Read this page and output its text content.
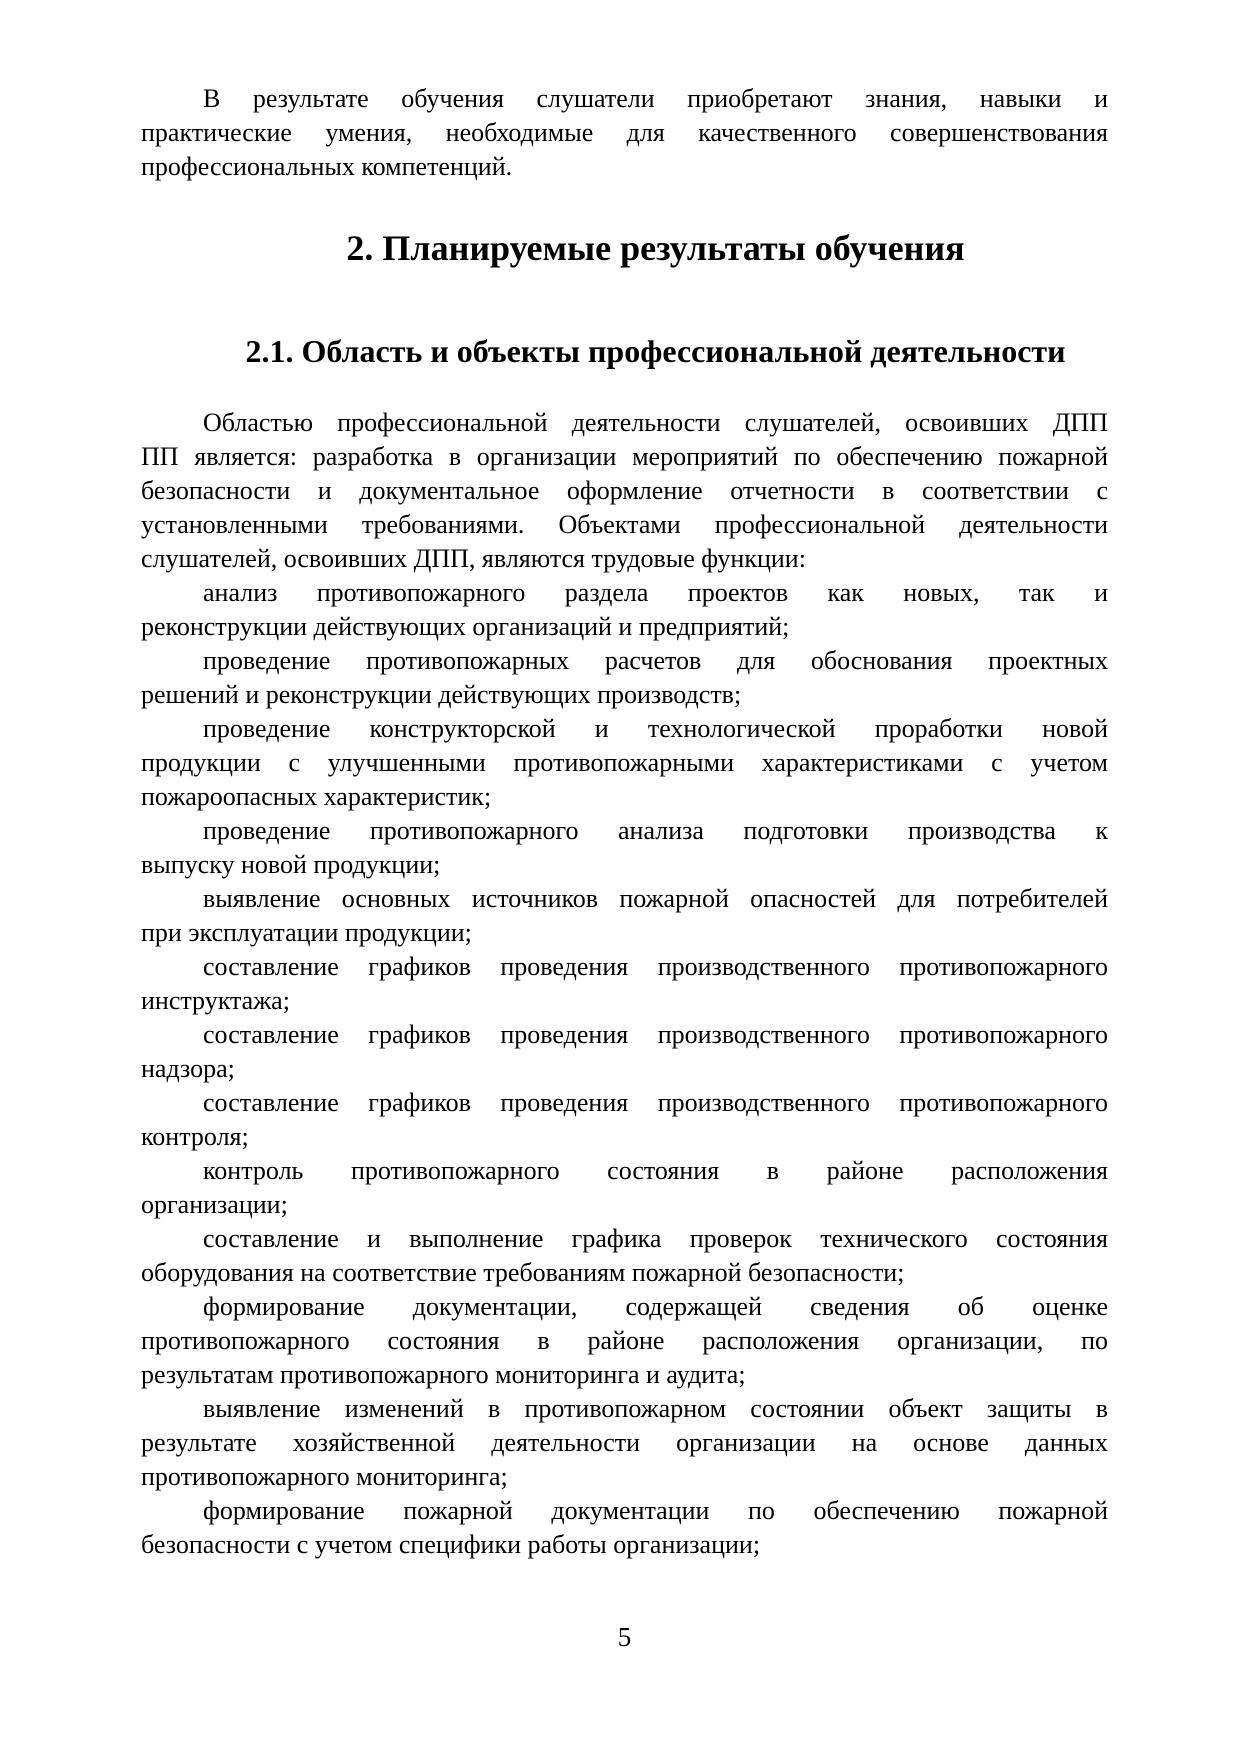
В результате обучения слушатели приобретают знания, навыки и
практические умения, необходимые для качественного совершенствования
профессиональных компетенций.
2. Планируемые результаты обучения
2.1. Область и объекты профессиональной деятельности
Областью профессиональной деятельности слушателей, освоивших ДПП
ПП является: разработка в организации мероприятий по обеспечению пожарной
безопасности и документальное оформление отчетности в соответствии с
установленными требованиями. Объектами профессиональной деятельности
слушателей, освоивших ДПП, являются трудовые функции:
анализ противопожарного раздела проектов как новых, так и
реконструкции действующих организаций и предприятий;
проведение противопожарных расчетов для обоснования проектных
решений и реконструкции действующих производств;
проведение конструкторской и технологической проработки новой
продукции с улучшенными противопожарными характеристиками с учетом
пожароопасных характеристик;
проведение противопожарного анализа подготовки производства к
выпуску новой продукции;
выявление основных источников пожарной опасностей для потребителей
при эксплуатации продукции;
составление графиков проведения производственного противопожарного
инструктажа;
составление графиков проведения производственного противопожарного
надзора;
составление графиков проведения производственного противопожарного
контроля;
контроль противопожарного состояния в районе расположения
организации;
составление и выполнение графика проверок технического состояния
оборудования на соответствие требованиям пожарной безопасности;
формирование документации, содержащей сведения об оценке
противопожарного состояния в районе расположения организации, по
результатам противопожарного мониторинга и аудита;
выявление изменений в противопожарном состоянии объект защиты в
результате хозяйственной деятельности организации на основе данных
противопожарного мониторинга;
формирование пожарной документации по обеспечению пожарной
безопасности с учетом специфики работы организации;
5
